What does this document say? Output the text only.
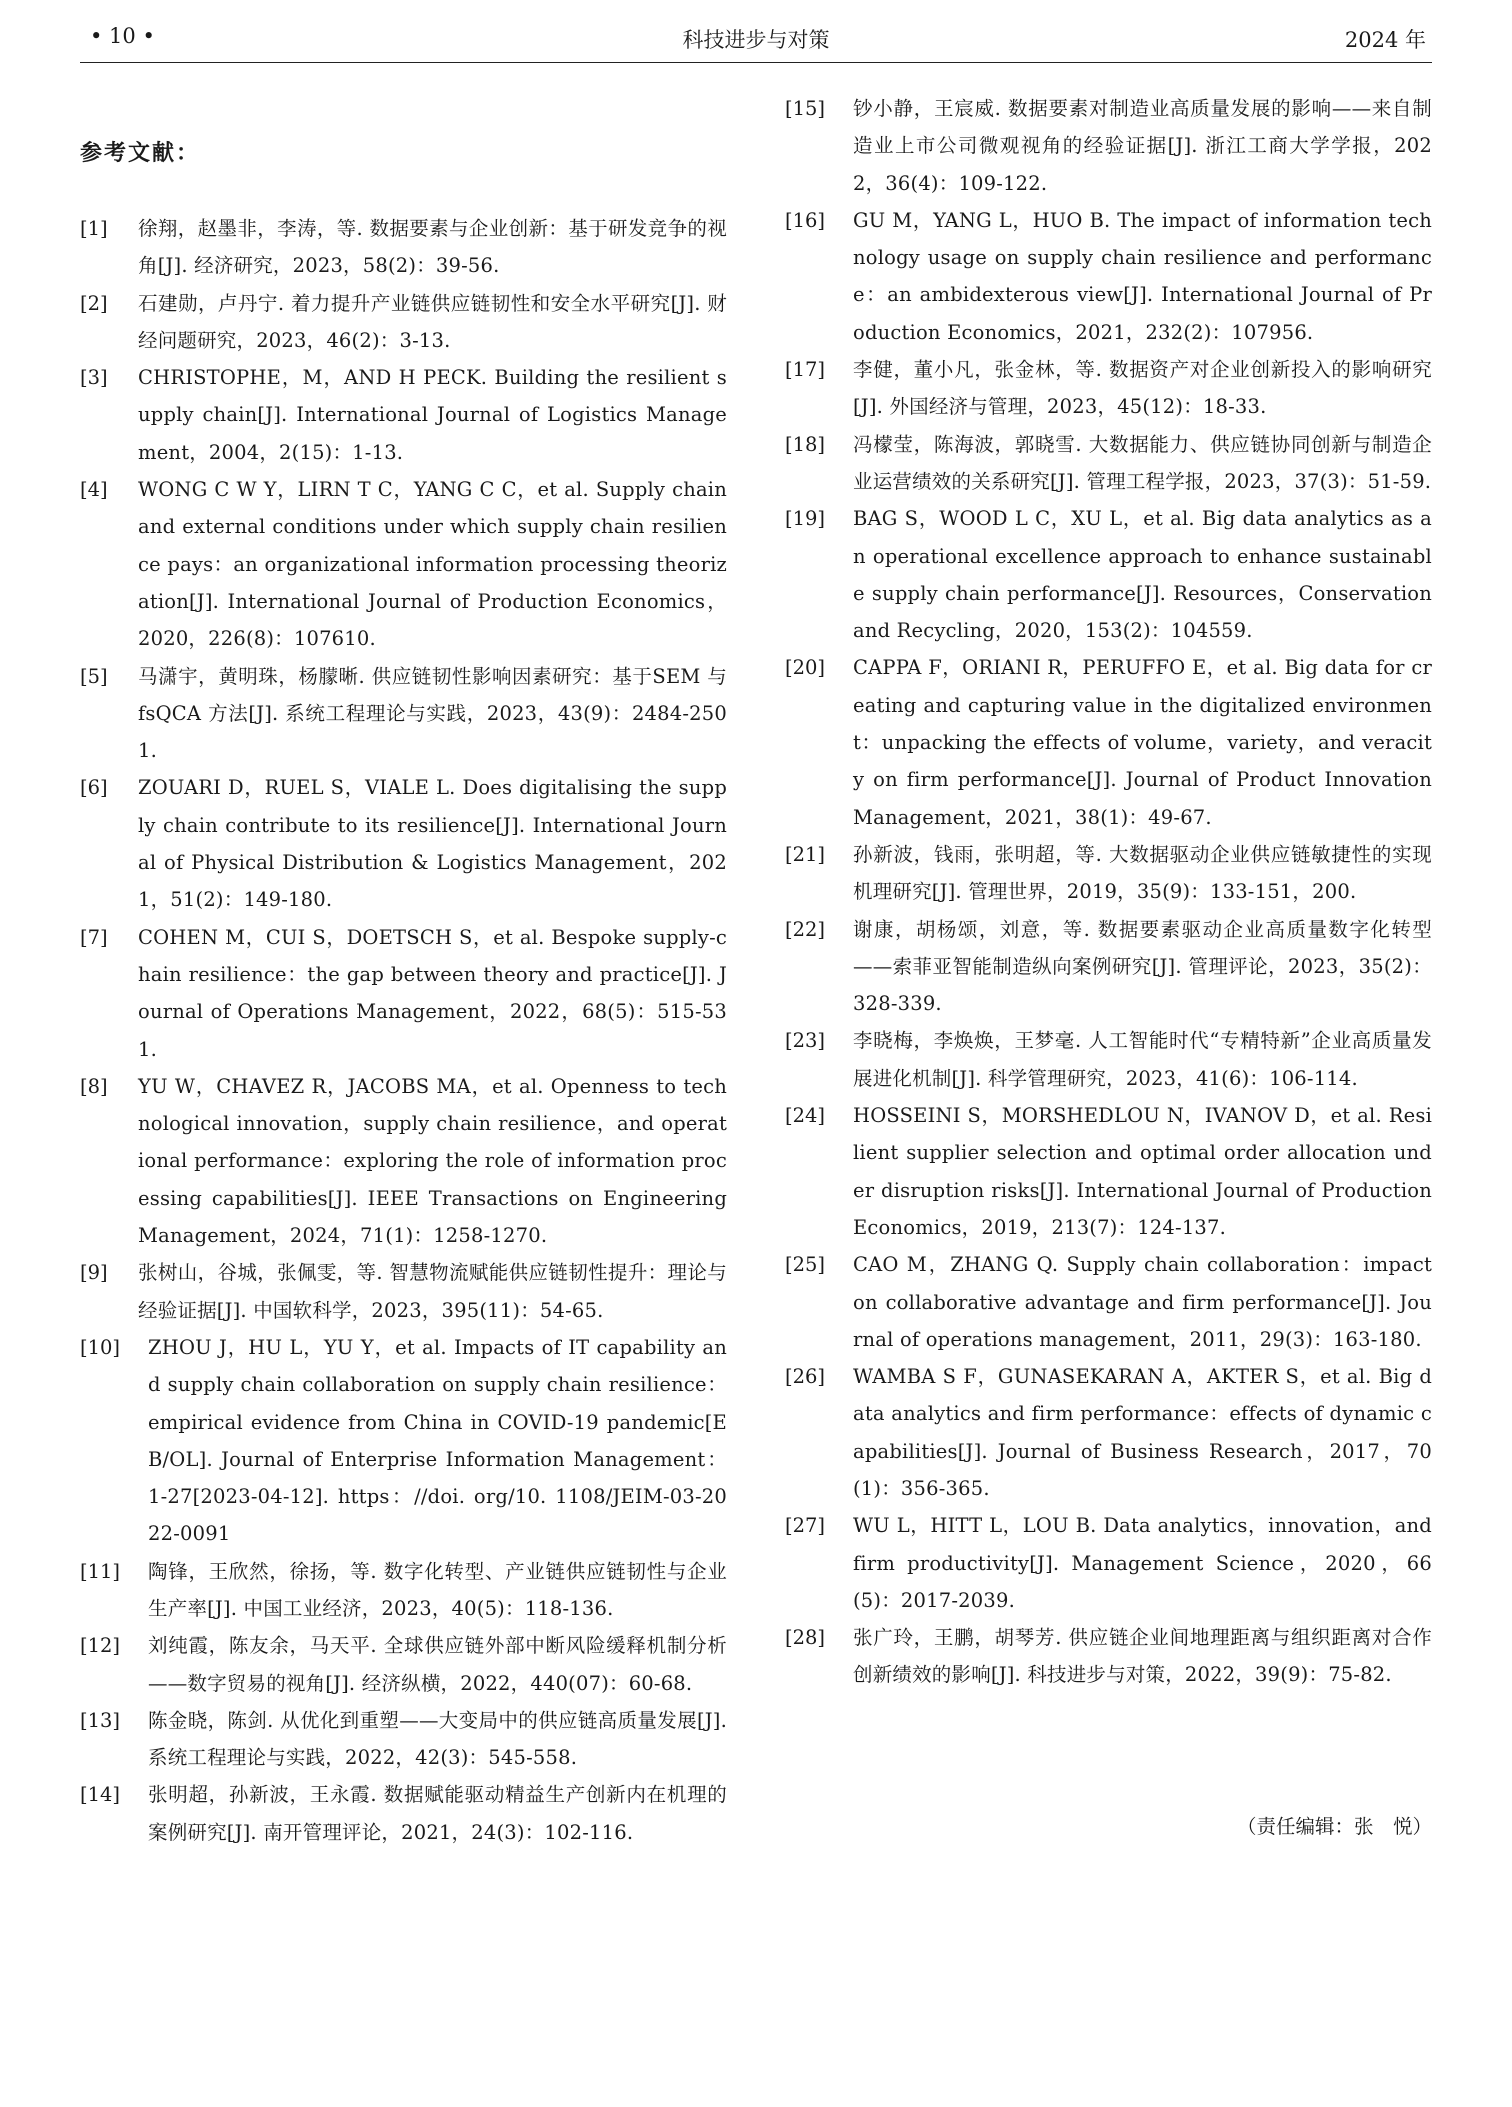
• 10 •	科技进步与对策	2024 年
参考文献：
[1]	徐翔，赵墨非，李涛，等. 数据要素与企业创新：基于研发竞争的视角[J]. 经济研究，2023，58(2)：39-56.
[2]	石建勋，卢丹宁. 着力提升产业链供应链韧性和安全水平研究[J]. 财经问题研究，2023，46(2)：3-13.
[3]	CHRISTOPHE，M，AND H PECK. Building the resilient supply chain[J]. International Journal of Logistics Management，2004，2(15)：1-13.
[4]	WONG C W Y，LIRN T C，YANG C C，et al. Supply chain and external conditions under which supply chain resilience pays：an organizational information processing theorization[J]. International Journal of Production Economics，2020，226(8)：107610.
[5]	马潇宇，黄明珠，杨朦晰. 供应链韧性影响因素研究：基于SEM 与 fsQCA 方法[J]. 系统工程理论与实践，2023，43(9)：2484-2501.
[6]	ZOUARI D，RUEL S，VIALE L. Does digitalising the supply chain contribute to its resilience[J]. International Journal of Physical Distribution & Logistics Management，2021，51(2)：149-180.
[7]	COHEN M，CUI S，DOETSCH S，et al. Bespoke supply-chain resilience：the gap between theory and practice[J]. Journal of Operations Management，2022，68(5)：515-531.
[8]	YU W，CHAVEZ R，JACOBS MA，et al. Openness to technological innovation，supply chain resilience，and operational performance：exploring the role of information processing capabilities[J]. IEEE Transactions on Engineering Management，2024，71(1)：1258-1270.
[9]	张树山，谷城，张佩雯，等. 智慧物流赋能供应链韧性提升：理论与经验证据[J]. 中国软科学，2023，395(11)：54-65.
[10]	ZHOU J，HU L，YU Y，et al. Impacts of IT capability and supply chain collaboration on supply chain resilience：empirical evidence from China in COVID-19 pandemic[EB/OL]. Journal of Enterprise Information Management：1-27[2023-04-12]. https：//doi. org/10. 1108/JEIM-03-2022-0091
[11]	陶锋，王欣然，徐扬，等. 数字化转型、产业链供应链韧性与企业生产率[J]. 中国工业经济，2023，40(5)：118-136.
[12]	刘纯霞，陈友余，马天平. 全球供应链外部中断风险缓释机制分析——数字贸易的视角[J]. 经济纵横，2022，440(07)：60-68.
[13]	陈金晓，陈剑. 从优化到重塑——大变局中的供应链高质量发展[J]. 系统工程理论与实践，2022，42(3)：545-558.
[14]	张明超，孙新波，王永霞. 数据赋能驱动精益生产创新内在机理的案例研究[J]. 南开管理评论，2021，24(3)：102-116.
[15]	钞小静，王宸威. 数据要素对制造业高质量发展的影响——来自制造业上市公司微观视角的经验证据[J]. 浙江工商大学学报，2022，36(4)：109-122.
[16]	GU M，YANG L，HUO B. The impact of information technology usage on supply chain resilience and performance：an ambidexterous view[J]. International Journal of Production Economics，2021，232(2)：107956.
[17]	李健，董小凡，张金林，等. 数据资产对企业创新投入的影响研究[J]. 外国经济与管理，2023，45(12)：18-33.
[18]	冯檬莹，陈海波，郭晓雪. 大数据能力、供应链协同创新与制造企业运营绩效的关系研究[J]. 管理工程学报，2023，37(3)：51-59.
[19]	BAG S，WOOD L C，XU L，et al. Big data analytics as an operational excellence approach to enhance sustainable supply chain performance[J]. Resources，Conservation and Recycling，2020，153(2)：104559.
[20]	CAPPA F，ORIANI R，PERUFFO E，et al. Big data for creating and capturing value in the digitalized environment：unpacking the effects of volume，variety，and veracity on firm performance[J]. Journal of Product Innovation Management，2021，38(1)：49-67.
[21]	孙新波，钱雨，张明超，等. 大数据驱动企业供应链敏捷性的实现机理研究[J]. 管理世界，2019，35(9)：133-151，200.
[22]	谢康，胡杨颂，刘意，等. 数据要素驱动企业高质量数字化转型——索菲亚智能制造纵向案例研究[J]. 管理评论，2023，35(2)：328-339.
[23]	李晓梅，李焕焕，王梦毫. 人工智能时代“专精特新”企业高质量发展进化机制[J]. 科学管理研究，2023，41(6)：106-114.
[24]	HOSSEINI S，MORSHEDLOU N，IVANOV D，et al. Resilient supplier selection and optimal order allocation under disruption risks[J]. International Journal of Production Economics，2019，213(7)：124-137.
[25]	CAO M，ZHANG Q. Supply chain collaboration：impact on collaborative advantage and firm performance[J]. Journal of operations management，2011，29(3)：163-180.
[26]	WAMBA S F，GUNASEKARAN A，AKTER S，et al. Big data analytics and firm performance：effects of dynamic capabilities[J]. Journal of Business Research，2017，70(1)：356-365.
[27]	WU L，HITT L，LOU B. Data analytics，innovation，and firm productivity[J]. Management Science，2020，66(5)：2017-2039.
[28]	张广玲，王鹏，胡琴芳. 供应链企业间地理距离与组织距离对合作创新绩效的影响[J]. 科技进步与对策，2022，39(9)：75-82.
（责任编辑：张　悦）
